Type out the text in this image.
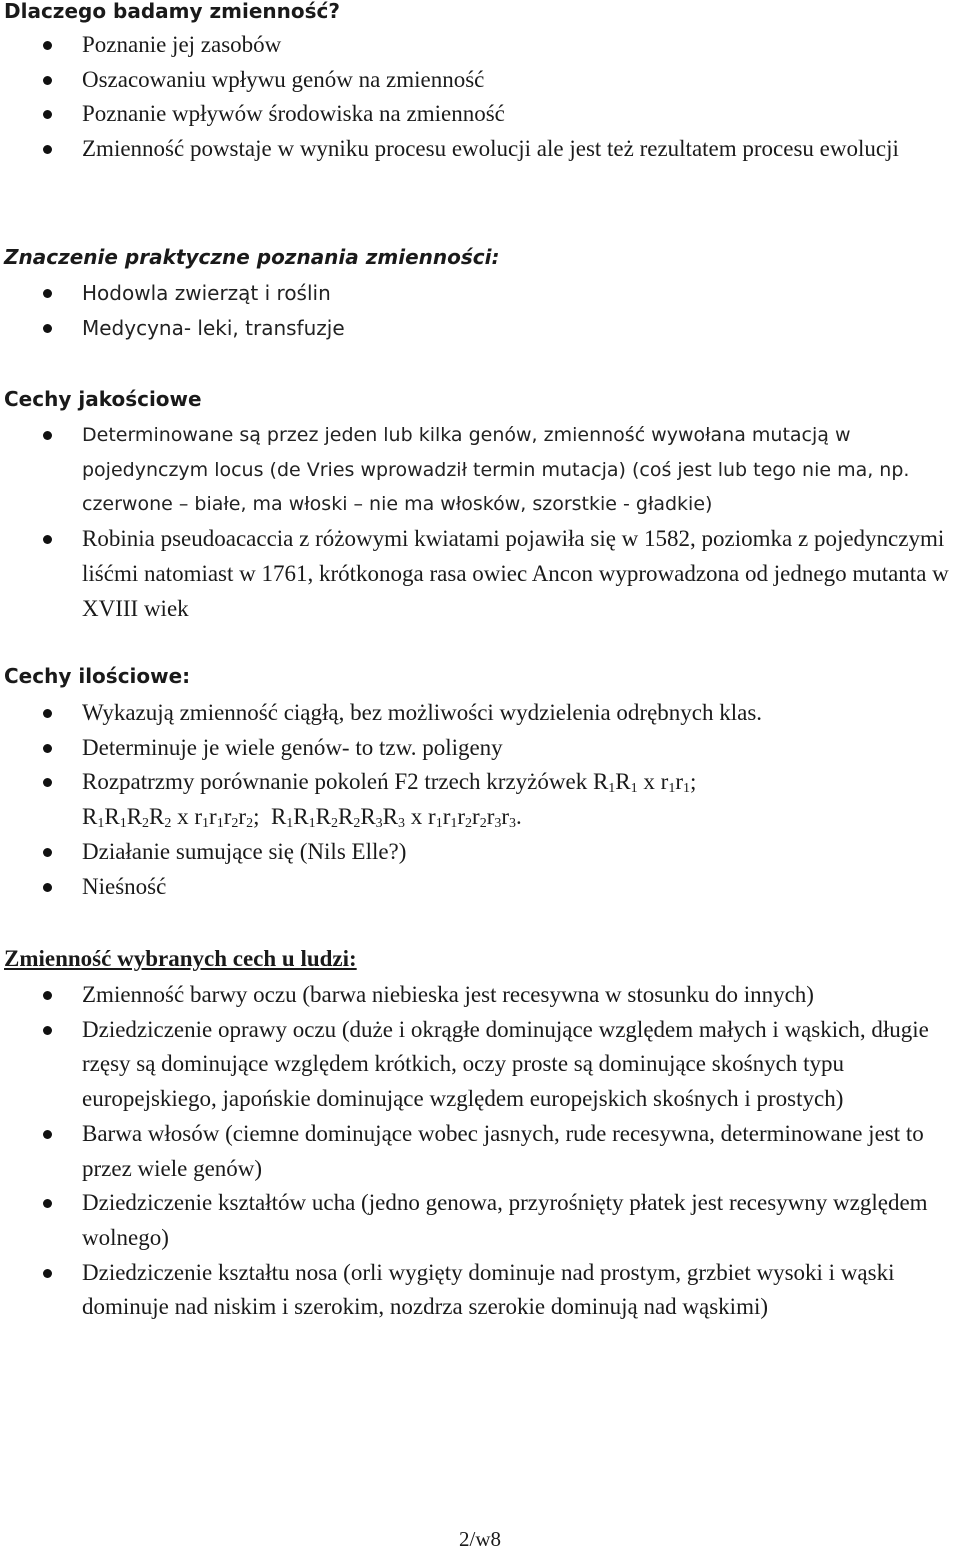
Dlaczego badamy zmienność?
Poznanie jej zasobów
Oszacowaniu wpływu genów na zmienność
Poznanie wpływów środowiska na zmienność
Zmienność powstaje w wyniku procesu ewolucji ale jest też rezultatem procesu ewolucji
Znaczenie praktyczne poznania zmienności:
Hodowla zwierząt i roślin
Medycyna- leki, transfuzje
Cechy jakościowe
Determinowane są przez jeden lub kilka genów, zmienność wywołana mutacją w pojedynczym locus (de Vries wprowadził termin mutacja) (coś jest lub tego nie ma, np. czerwone – białe, ma włoski – nie ma włosków, szorstkie - gładkie)
Robinia pseudoacaccia z różowymi kwiatami pojawiła się w 1582, poziomka z pojedynczymi liśćmi natomiast w 1761, krótkonoga rasa owiec Ancon wyprowadzona od jednego mutanta w XVIII wiek
Cechy ilościowe:
Wykazują zmienność ciągłą, bez możliwości wydzielenia odrębnych klas.
Determinuje je wiele genów- to tzw. poligeny
Rozpatrzmy porównanie pokoleń F2 trzech krzyżówek $R_1R_1$ x $r_1r_1$;
$R_1R_1R_2R_2$ x $r_1r_1r_2r_2$;  $R_1R_1R_2R_2R_3R_3$ x $r_1r_1r_2r_2r_3r_3$.
Działanie sumujące się (Nils Elle?)
Nieśność
Zmienność wybranych cech u ludzi:
Zmienność barwy oczu (barwa niebieska jest recesywna w stosunku do innych)
Dziedziczenie oprawy oczu (duże i okrągłe dominujące względem małych i wąskich, długie rzęsy są dominujące względem krótkich, oczy proste są dominujące skośnych typu europejskiego, japońskie dominujące względem europejskich skośnych i prostych)
Barwa włosów (ciemne dominujące wobec jasnych, rude recesywna, determinowane jest to przez wiele genów)
Dziedziczenie kształtów ucha (jedno genowa, przyrośnięty płatek jest recesywny względem wolnego)
Dziedziczenie kształtu nosa (orli wygięty dominuje nad prostym, grzbiet wysoki i wąski dominuje nad niskim i szerokim, nozdrza szerokie dominują nad wąskimi)
2/w8
